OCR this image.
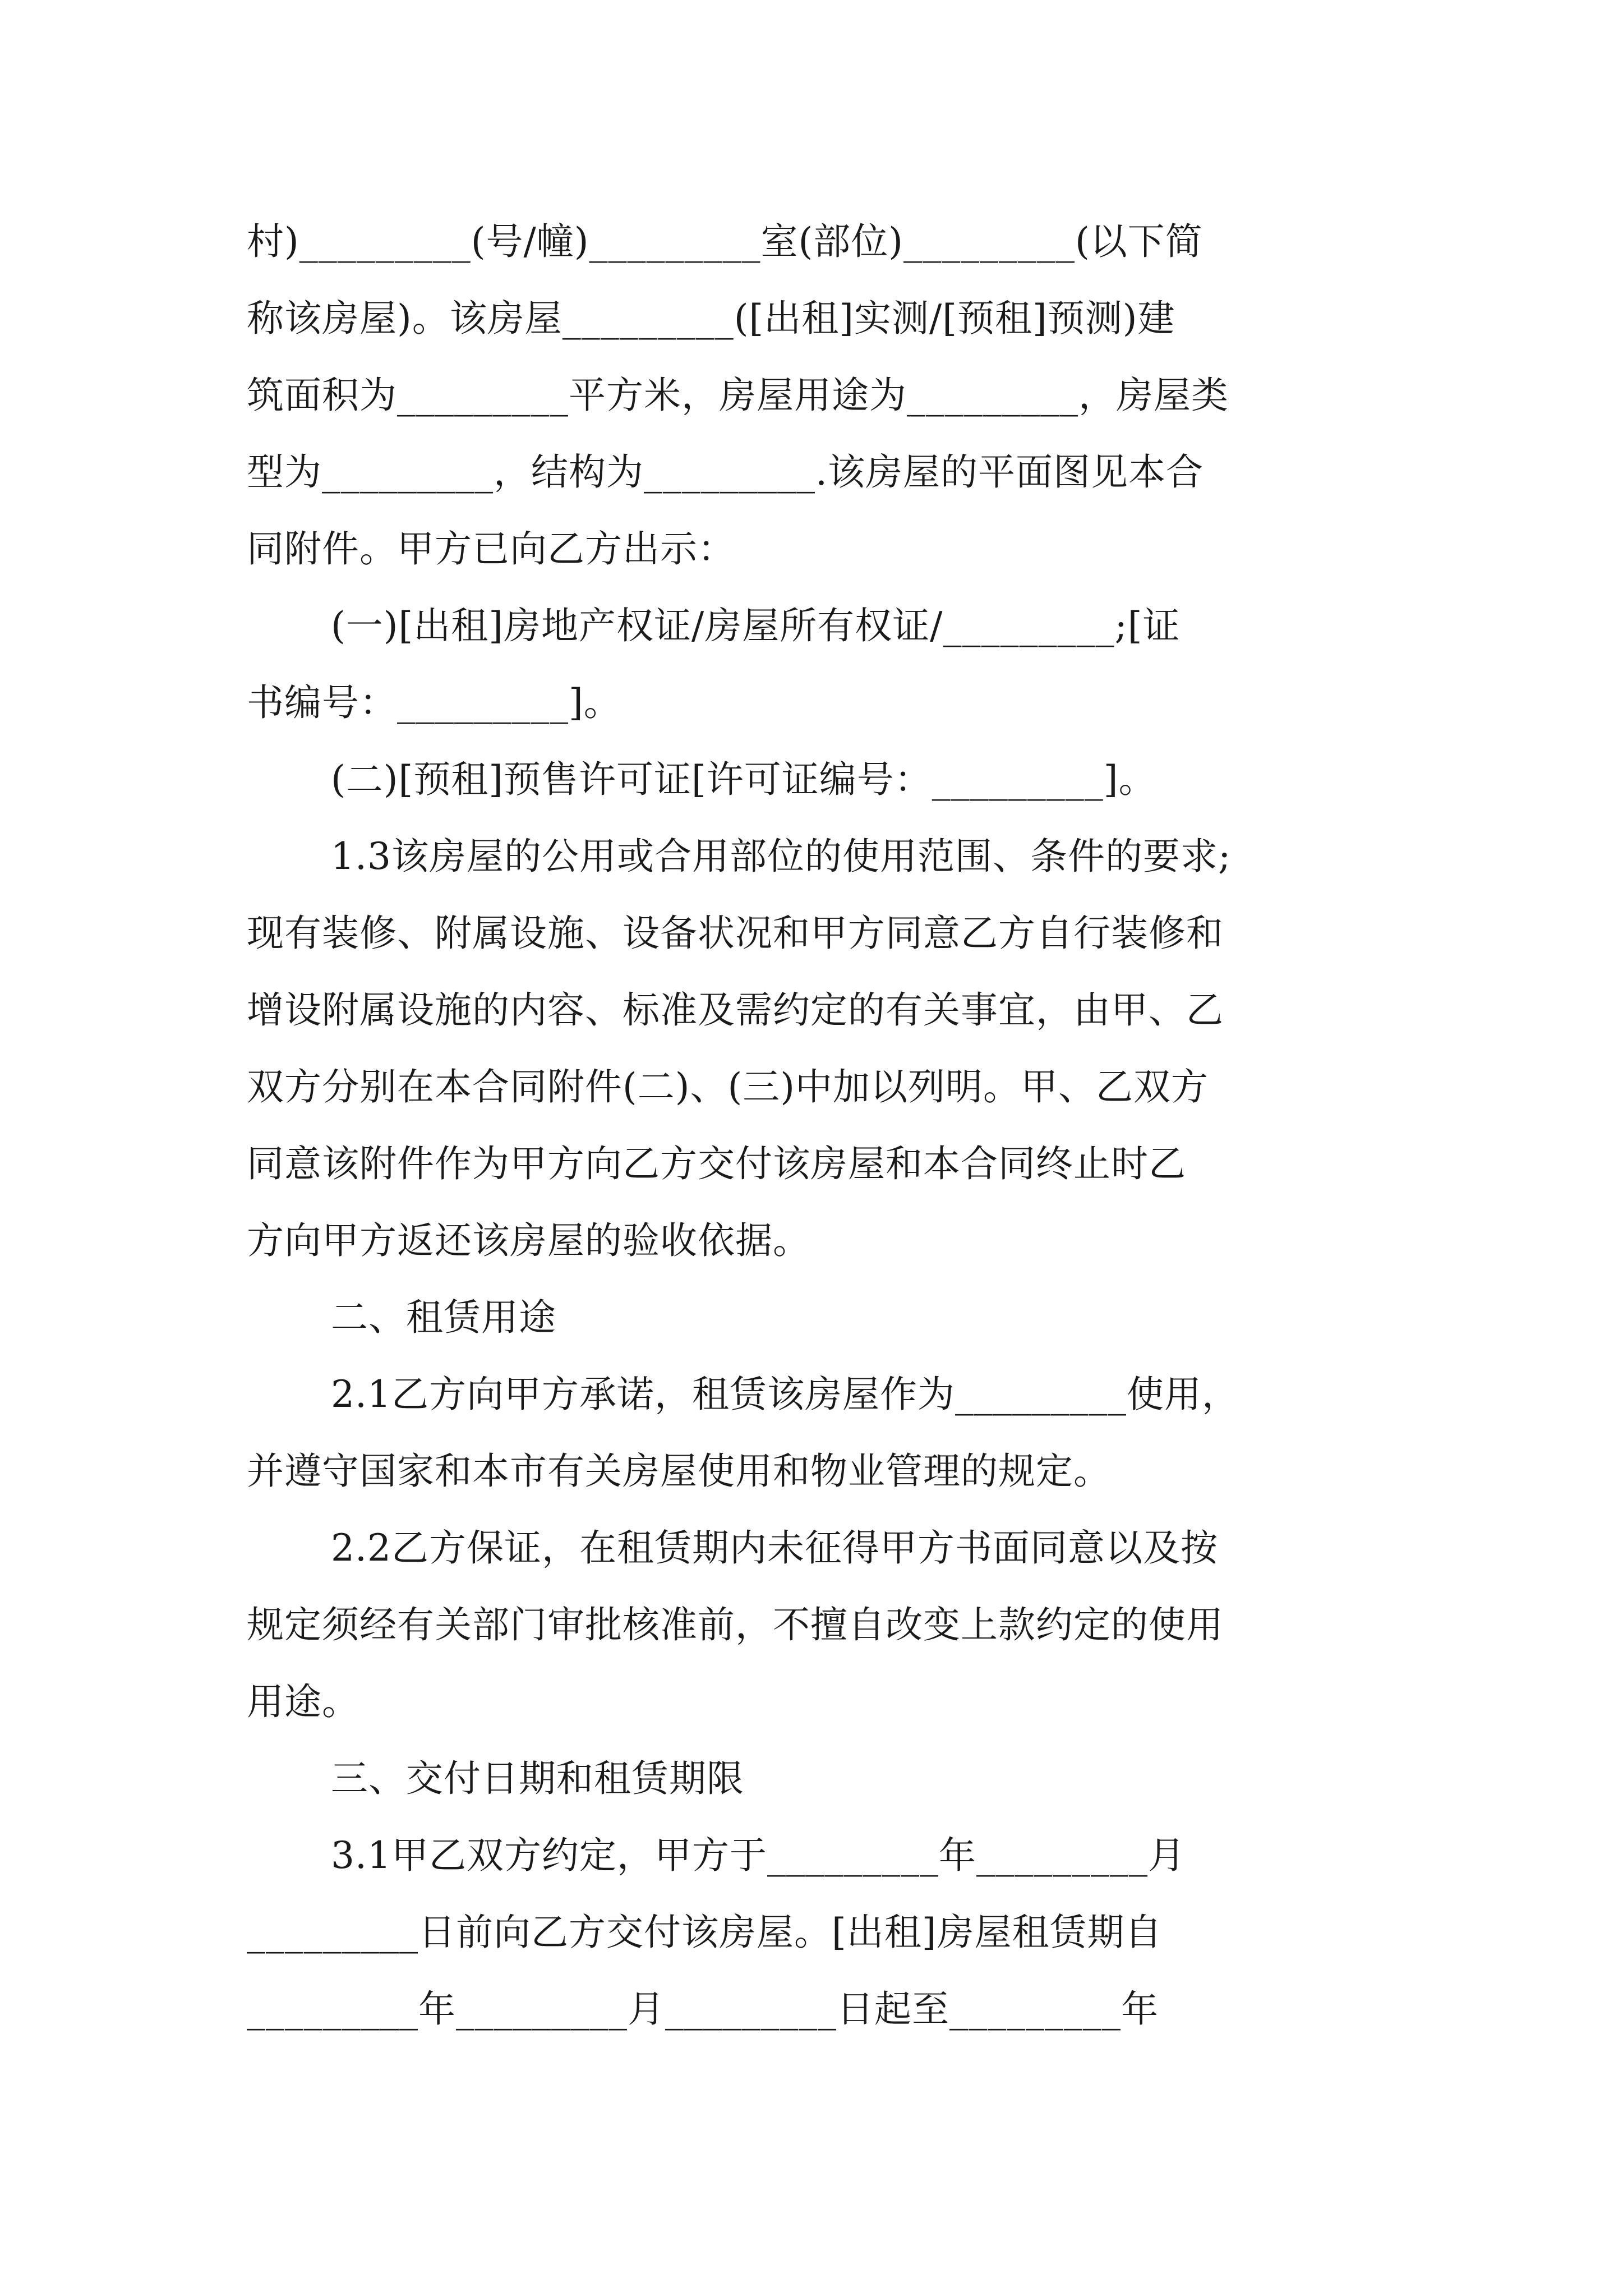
村)_________(号/幢)_________室(部位)_________(以下简
称该房屋)。该房屋_________([出租]实测/[预租]预测)建
筑面积为_________平方米，房屋用途为_________，房屋类
型为_________，结构为_________.该房屋的平面图见本合
同附件。甲方已向乙方出示：
(一)[出租]房地产权证/房屋所有权证/_________;[证
书编号：_________]。
(二)[预租]预售许可证[许可证编号：_________]。
1.3该房屋的公用或合用部位的使用范围、条件的要求;
现有装修、附属设施、设备状况和甲方同意乙方自行装修和
增设附属设施的内容、标准及需约定的有关事宜，由甲、乙
双方分别在本合同附件(二)、(三)中加以列明。甲、乙双方
同意该附件作为甲方向乙方交付该房屋和本合同终止时乙
方向甲方返还该房屋的验收依据。
二、租赁用途
2.1乙方向甲方承诺，租赁该房屋作为_________使用，
并遵守国家和本市有关房屋使用和物业管理的规定。
2.2乙方保证，在租赁期内未征得甲方书面同意以及按
规定须经有关部门审批核准前，不擅自改变上款约定的使用
用途。
三、交付日期和租赁期限
3.1甲乙双方约定，甲方于_________年_________月
_________日前向乙方交付该房屋。[出租]房屋租赁期自
_________年_________月_________日起至_________年
